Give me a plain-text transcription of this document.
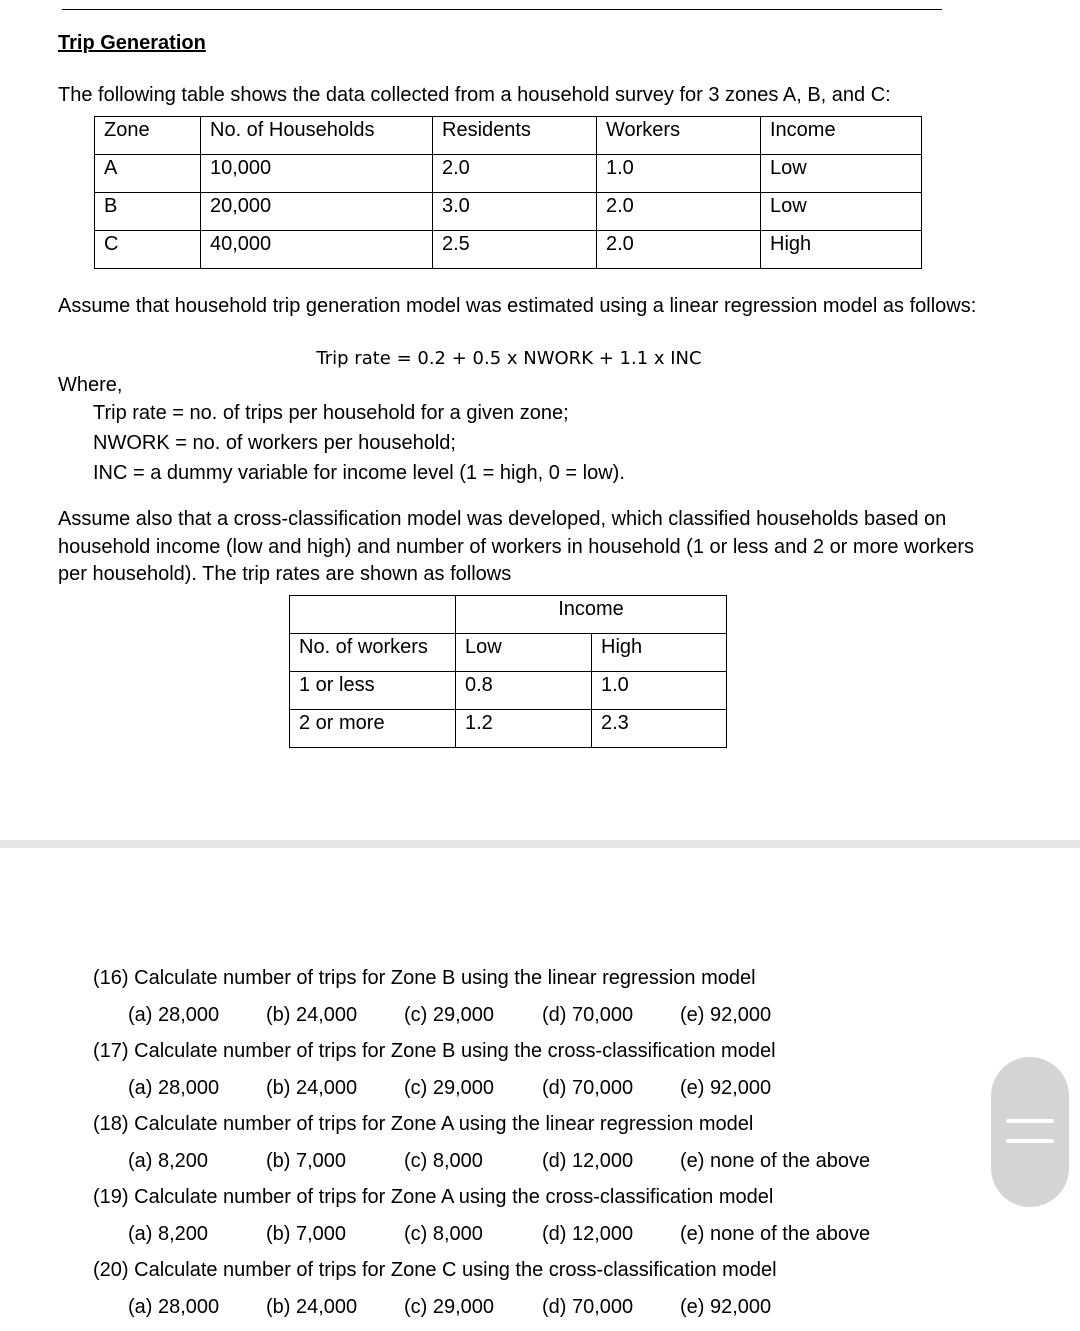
Trip Generation
The following table shows the data collected from a household survey for 3 zones A, B, and C:
Zone	No. of Households	Residents	Workers	Income
A	10,000	2.0	1.0	Low
B	20,000	3.0	2.0	Low
C	40,000	2.5	2.0	High
Assume that household trip generation model was estimated using a linear regression model as follows:
Trip rate = 0.2 + 0.5 x NWORK + 1.1 x INC
Where,
Trip rate = no. of trips per household for a given zone;
NWORK = no. of workers per household;
INC = a dummy variable for income level (1 = high, 0 = low).
Assume also that a cross-classification model was developed, which classified households based on household income (low and high) and number of workers in household (1 or less and 2 or more workers per household). The trip rates are shown as follows
	Income	
No. of workers	Low	High
1 or less	0.8	1.0
2 or more	1.2	2.3
(16) Calculate number of trips for Zone B using the linear regression model
(a) 28,000 (b) 24,000 (c) 29,000 (d) 70,000 (e) 92,000
(17) Calculate number of trips for Zone B using the cross-classification model
(a) 28,000 (b) 24,000 (c) 29,000 (d) 70,000 (e) 92,000
(18) Calculate number of trips for Zone A using the linear regression model
(a) 8,200	(b) 7,000	(c) 8,000	(d) 12,000 (e) none of the above
(19) Calculate number of trips for Zone A using the cross-classification model
(a) 8,200	(b) 7,000	(c) 8,000	(d) 12,000 (e) none of the above
(20) Calculate number of trips for Zone C using the cross-classification model
(a) 28,000 (b) 24,000 (c) 29,000 (d) 70,000 (e) 92,000
